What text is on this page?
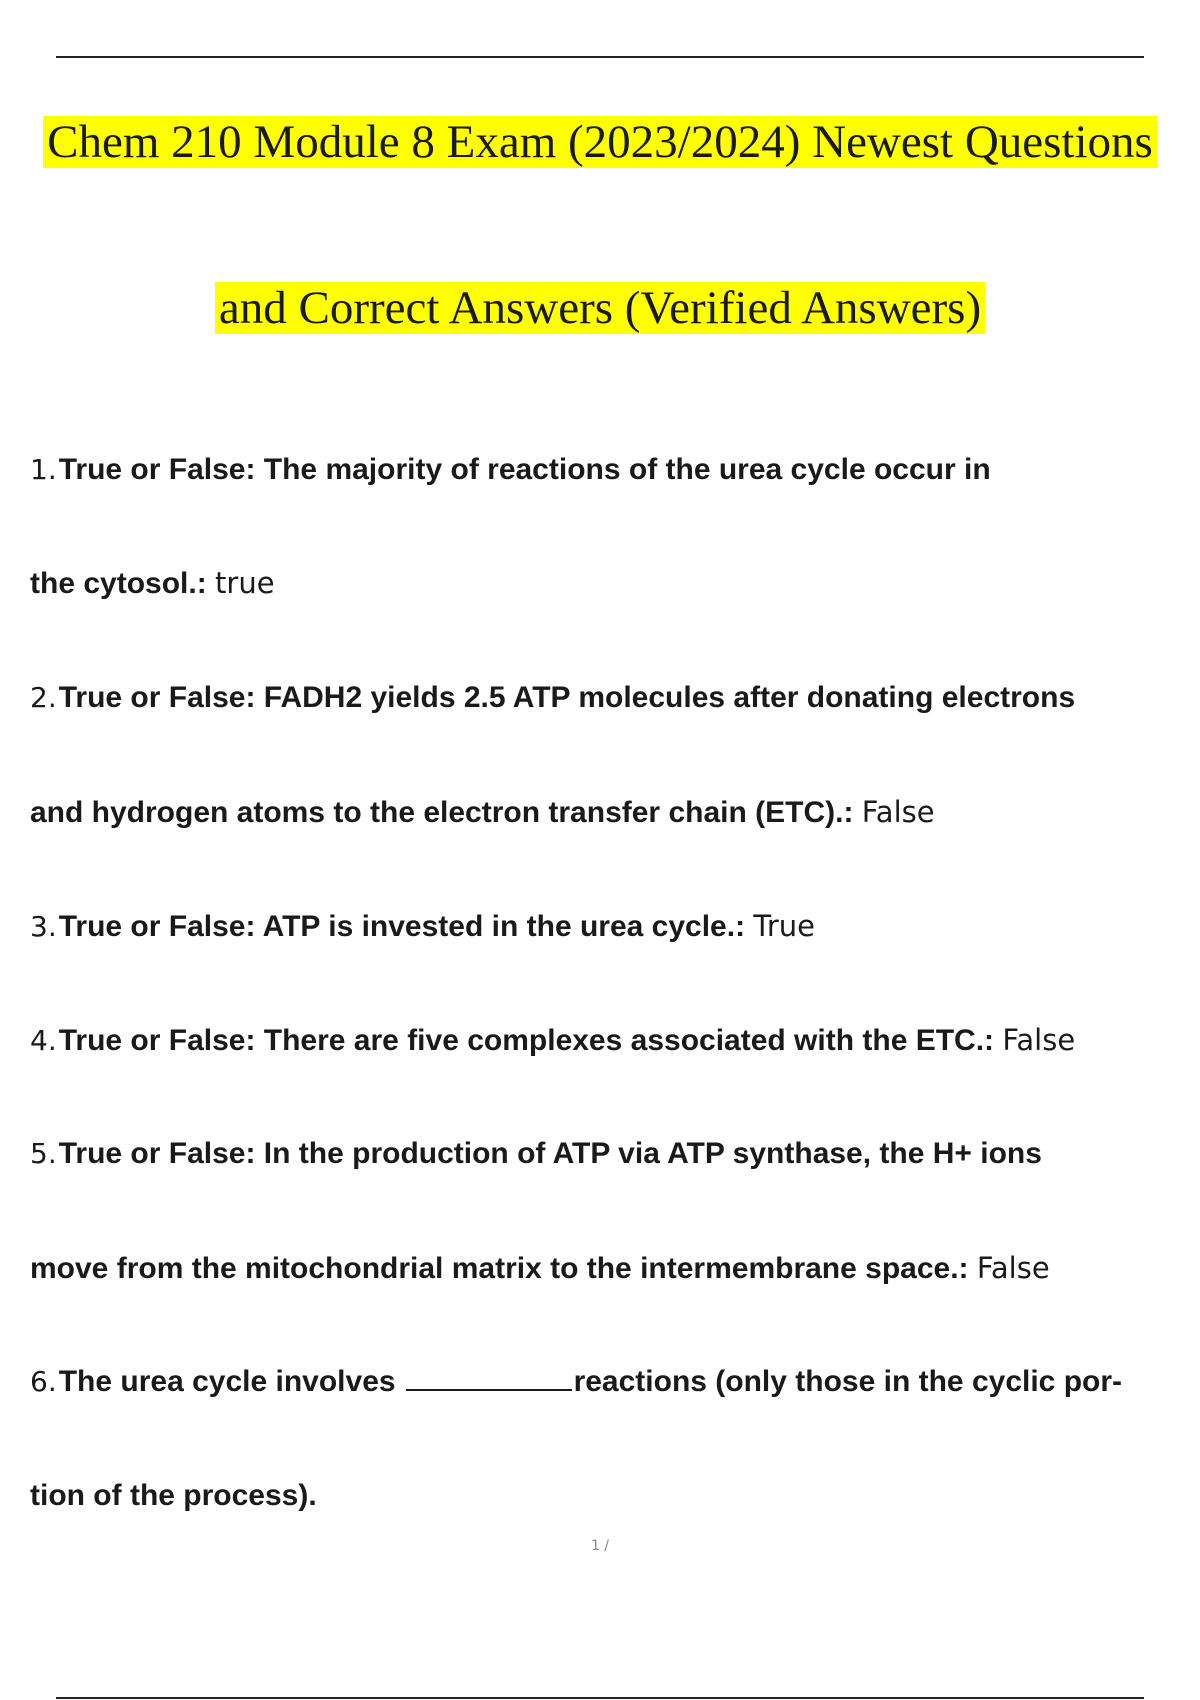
Chem 210 Module 8 Exam (2023/2024) Newest Questions
and Correct Answers (Verified Answers)
1.True or False: The majority of reactions of the urea cycle occur in
the cytosol.: true
2.True or False: FADH2 yields 2.5 ATP molecules after donating electrons
and hydrogen atoms to the electron transfer chain (ETC).: False
3.True or False: ATP is invested in the urea cycle.: True
4.True or False: There are five complexes associated with the ETC.: False
5.True or False: In the production of ATP via ATP synthase, the H+ ions
move from the mitochondrial matrix to the intermembrane space.: False
6.The urea cycle involves	reactions (only those in the cyclic por-
tion of the process).
1 /
